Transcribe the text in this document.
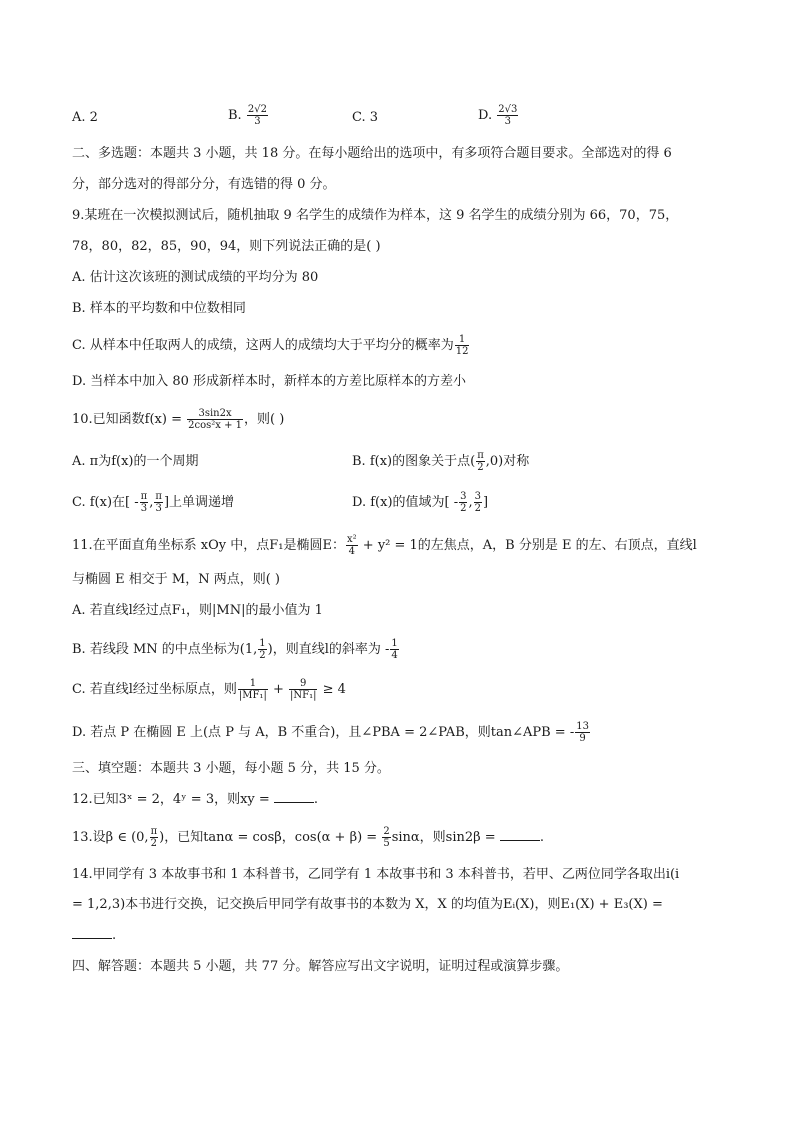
A. 2	B. $\frac{2√2}{3}$	C. 3	D. $\frac{2√3}{3}$
二、多选题：本题共 3 小题，共 18 分。在每小题给出的选项中，有多项符合题目要求。全部选对的得 6
分，部分选对的得部分分，有选错的得 0 分。
9.某班在一次模拟测试后，随机抽取 9 名学生的成绩作为样本，这 9 名学生的成绩分别为 66，70，75，
78，80，82，85，90，94，则下列说法正确的是( )
A. 估计这次该班的测试成绩的平均分为 80
B. 样本的平均数和中位数相同
C. 从样本中任取两人的成绩，这两人的成绩均大于平均分的概率为 $\frac{1}{12}$
D. 当样本中加入 80 形成新样本时，新样本的方差比原样本的方差小
10.已知函数$f(x) = \frac{3\sin 2x}{\text{2cos²x + 1}}$ ，则( )
A. π为f(x)的一个周期	B. f(x)的图象关于点( $\frac{\pi}{2} ,0$)对称
C. f(x)在[ - $\frac{\pi}{3}$ , $\frac{\pi}{3}$ ]上单调递增	D. f(x)的值域为[ - $\frac{3}{2}$ , $\frac{3}{2}$ ]
11.在平面直角坐标系 xOy 中，点F₁是椭圆E： $\frac{\text{x²}}{4} + y^2 = 1$的左焦点，A，B 分别是 E 的左、右顶点，直线l
与椭圆 E 相交于 M，N 两点，则( )
A. 若直线l经过点F₁，则|MN|的最小值为 1
B. 若线段 MN 的中点坐标为(1, $\frac{1}{2}$ )，则直线l的斜率为 - $\frac{1}{4}$
C. 若直线l经过坐标原点，则 $\frac{1}{\text{|MF₁|}} + \frac{9}{\text{|NF₁|}} \ge 4$
D. 若点 P 在椭圆 E 上(点 P 与 A，B 不重合)，且∠PBA = 2∠PAB，则tan∠APB = - $\frac{13}{9}$
三、填空题：本题共 3 小题，每小题 5 分，共 15 分。
12.已知3ˣ = 2，4ʸ = 3，则xy =	.
13.设β ∈ (0, $\frac{\pi}{2}$ )，已知tanα = cosβ，$\cos(\alpha + \beta) = \frac{2}{5}$ sinα，则sin2β =	.
14.甲同学有 3 本故事书和 1 本科普书，乙同学有 1 本故事书和 3 本科普书，若甲、乙两位同学各取出i(i
= 1,2,3)本书进行交换，记交换后甲同学有故事书的本数为 X，X 的均值为Eᵢ(X)，则E₁(X) + E₃(X) =
.
四、解答题：本题共 5 小题，共 77 分。解答应写出文字说明，证明过程或演算步骤。
